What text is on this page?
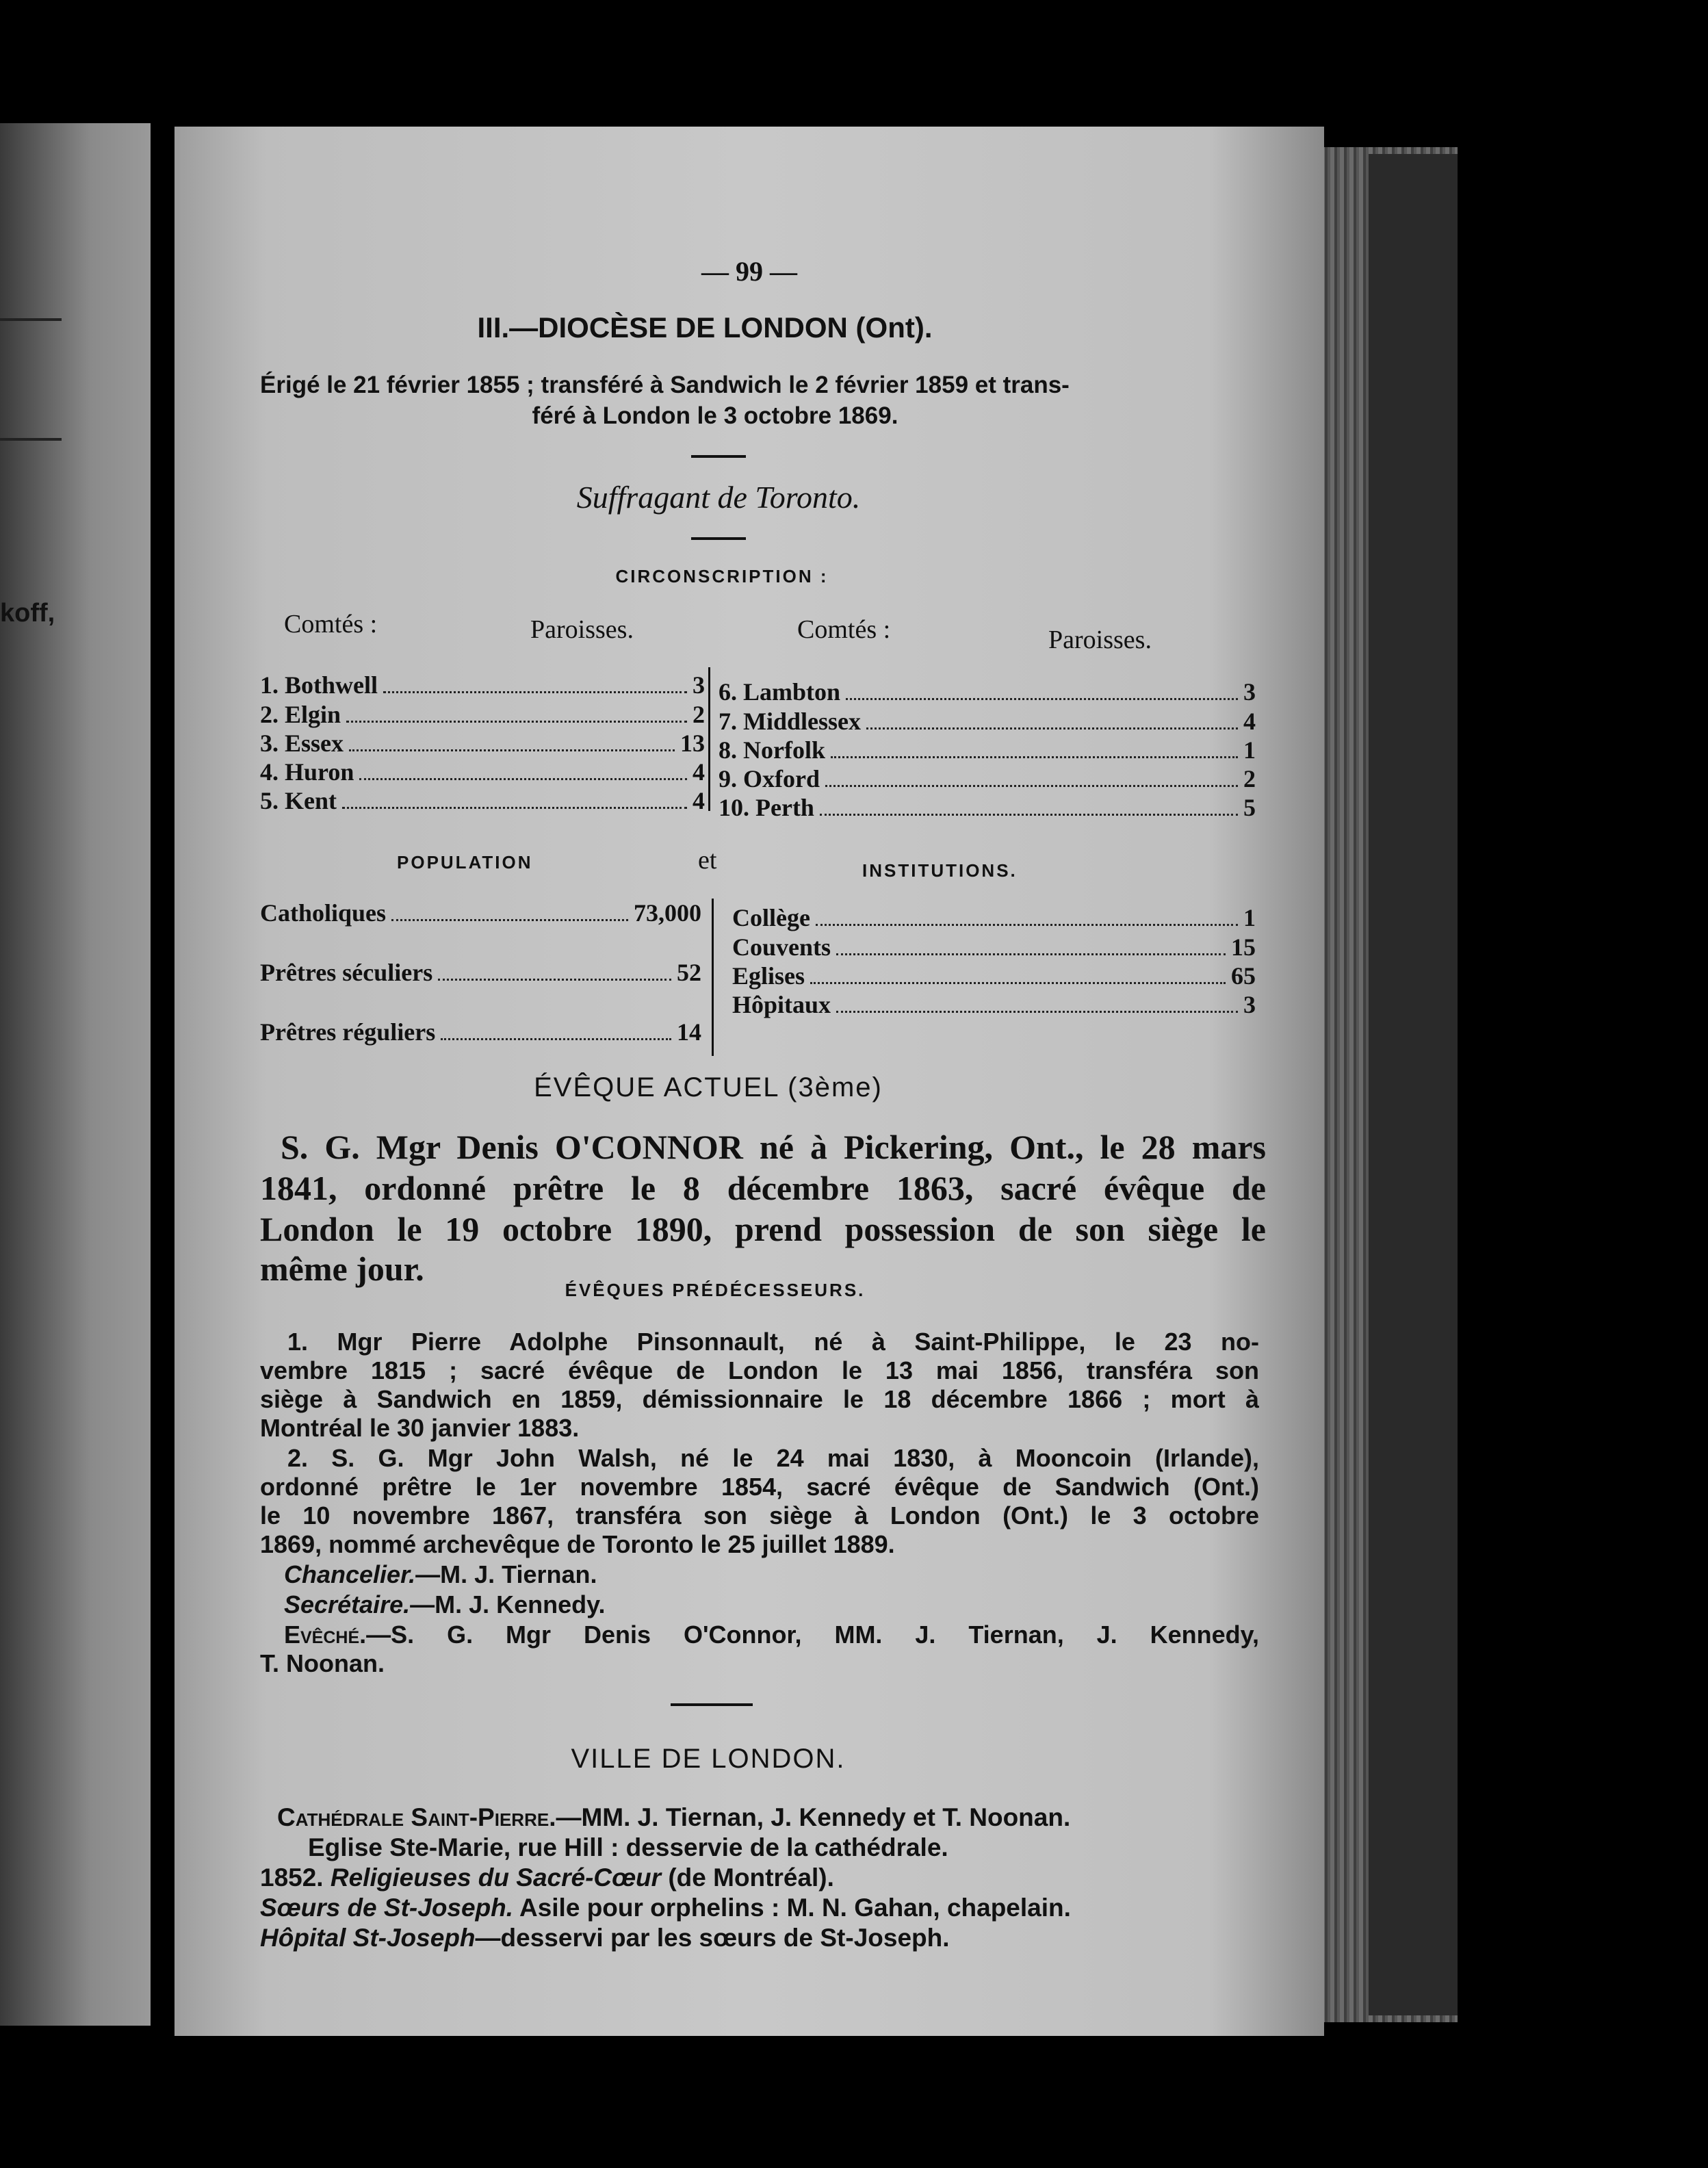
koff,
— 99 —
III.—DIOCÈSE DE LONDON (Ont).
Érigé le 21 février 1855 ; transféré à Sandwich le 2 février 1859 et trans-
féré à London le 3 octobre 1869.
Suffragant de Toronto.
CIRCONSCRIPTION :
Comtés :	Paroisses.	Comtés :	Paroisses.
1. Bothwell	3
2. Elgin	2
3. Essex	13
4. Huron	4
5. Kent	4
6. Lambton	3
7. Middlessex	4
8. Norfolk	1
9. Oxford	2
10. Perth	5
POPULATION	et	INSTITUTIONS.
Catholiques	73,000
Prêtres séculiers	52
Prêtres réguliers	14
Collège	1
Couvents	15
Eglises	65
Hôpitaux	3
ÉVÊQUE ACTUEL (3ème)
S. G. Mgr Denis O'CONNOR né à Pickering, Ont., le 28 mars
1841, ordonné prêtre le 8 décembre 1863, sacré évêque de
London le 19 octobre 1890, prend possession de son siège le
même jour.
ÉVÊQUES PRÉDÉCESSEURS.
1. Mgr Pierre Adolphe Pinsonnault, né à Saint-Philippe, le 23 no-
vembre 1815 ; sacré évêque de London le 13 mai 1856, transféra son
siège à Sandwich en 1859, démissionnaire le 18 décembre 1866 ; mort à
Montréal le 30 janvier 1883.
2. S. G. Mgr John Walsh, né le 24 mai 1830, à Mooncoin (Irlande),
ordonné prêtre le 1er novembre 1854, sacré évêque de Sandwich (Ont.)
le 10 novembre 1867, transféra son siège à London (Ont.) le 3 octobre
1869, nommé archevêque de Toronto le 25 juillet 1889.
Chancelier.—M. J. Tiernan.
Secrétaire.—M. J. Kennedy.
Evêché.—S. G. Mgr Denis O'Connor, MM. J. Tiernan, J. Kennedy,
T. Noonan.
VILLE DE LONDON.
Cathédrale Saint-Pierre.—MM. J. Tiernan, J. Kennedy et T. Noonan.
Eglise Ste-Marie, rue Hill : desservie de la cathédrale.
1852. Religieuses du Sacré-Cœur (de Montréal).
Sœurs de St-Joseph. Asile pour orphelins : M. N. Gahan, chapelain.
Hôpital St-Joseph—desservi par les sœurs de St-Joseph.
